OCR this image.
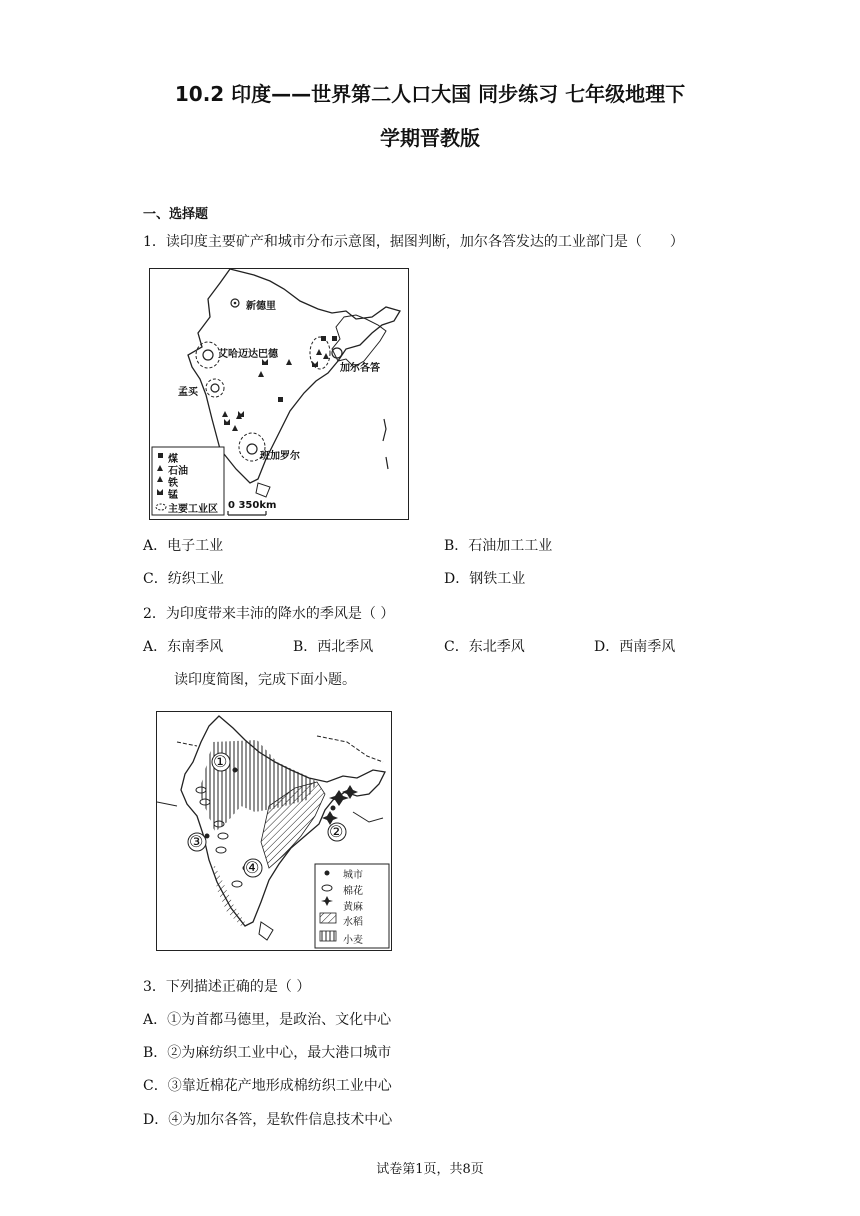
10.2 印度——世界第二人口大国 同步练习 七年级地理下
学期晋教版
一、选择题
1．读印度主要矿产和城市分布示意图，据图判断，加尔各答发达的工业部门是（　　）
新德里
艾哈迈达巴德
加尔各答
孟买
班加罗尔
煤
石油
铁
锰
主要工业区 0 350km
A．电子工业	B．石油加工工业
C．纺织工业	D．钢铁工业
2．为印度带来丰沛的降水的季风是（ ）
A．东南季风	B．西北季风	C．东北季风	D．西南季风
读印度简图，完成下面小题。
①
②
③
④	城市
棉花
黄麻
水稻
小麦
3．下列描述正确的是（ ）
A．①为首都马德里，是政治、文化中心
B．②为麻纺织工业中心，最大港口城市
C．③靠近棉花产地形成棉纺织工业中心
D．④为加尔各答，是软件信息技术中心
试卷第1页，共8页
